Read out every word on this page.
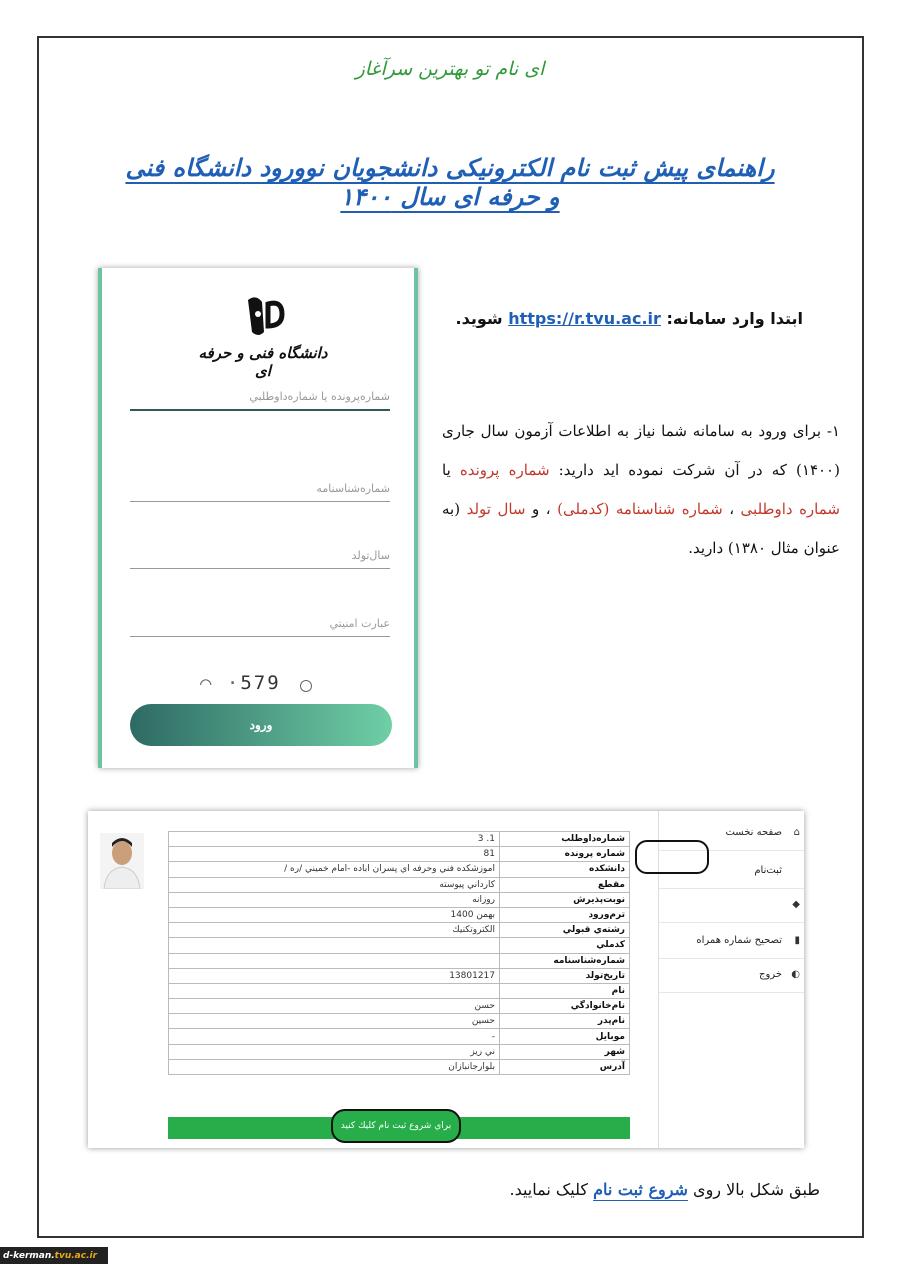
ای نام تو بهترین سرآغاز
راهنمای پیش ثبت نام الکترونیکی دانشجویان نوورود دانشگاه فنی و حرفه ای سال ۱۴۰۰
دانشگاه فنی و حرفه ای
شماره‌پرونده یا شماره‌داوطلبي
شماره‌شناسنامه
سال‌تولد
عبارت امنيتي
⌒ ·579
ورود
ابتدا وارد سامانه: https://r.tvu.ac.ir شوید.
۱- برای ورود به سامانه شما نیاز به اطلاعات آزمون سال جاری (۱۴۰۰) که در آن شرکت نموده اید دارید: شماره پرونده یا شماره داوطلبی ، شماره شناسنامه (کدملی) ، و سال تولد (به عنوان مثال ۱۳۸۰) دارید.
⌂
صفحه نخست
ثبت‌نام
◆
▮
تصحيح شماره همراه
◐
خروج
شماره‌داوطلب	1. 3
شماره پرونده	81
دانشکده	اموزشکده فني وحرفه اي پسران اباده -امام خميني /ره /
مقطع	كارداني پيوسته
نوبت‌پذيرش	روزانه
ترم‌ورود	بهمن 1400
رشته‌ي قبولي	الكتروتكنيك
كدملي	
شماره‌شناسنامه	
تاريخ‌تولد	13801217
نام	
نام‌خانوادگي	حسن
نام‌پدر	حسين
موبايل	-
شهر	ني ريز
آدرس	بلوارجانبازان
براي شروع ثبت نام كليك كنيد
طبق شکل بالا روی شروع ثبت نام کلیک نمایید.
d-kerman. tvu.ac.ir
